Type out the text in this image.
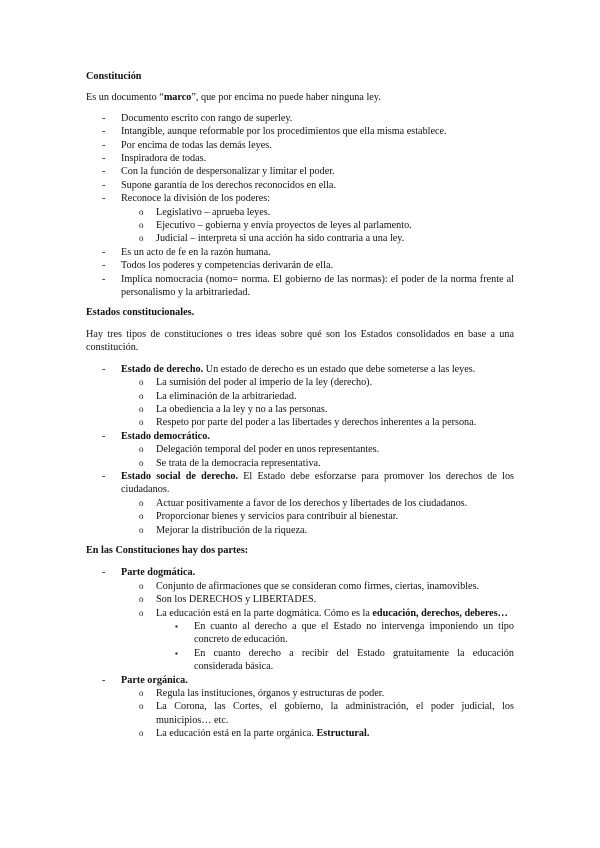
Constitución

Es un documento “marco”, que por encima no puede haber ninguna ley.

- Documento escrito con rango de superley.
- Intangible, aunque reformable por los procedimientos que ella misma establece.
- Por encima de todas las demás leyes.
- Inspiradora de todas.
- Con la función de despersonalizar y limitar el poder.
- Supone garantía de los derechos reconocidos en ella.
- Reconoce la división de los poderes:
o Legislativo – aprueba leyes.
o Ejecutivo – gobierna y envía proyectos de leyes al parlamento.
o Judicial – interpreta si una acción ha sido contraria a una ley.
- Es un acto de fe en la razón humana.
- Todos los poderes y competencias derivarán de ella.
- Implica nomocracia (nomo= norma. El gobierno de las normas): el poder de la norma frente al personalismo y la arbitrariedad.

Estados constitucionales.

Hay tres tipos de constituciones o tres ideas sobre qué son los Estados consolidados en base a una constitución.

- Estado de derecho. Un estado de derecho es un estado que debe someterse a las leyes.
o La sumisión del poder al imperio de la ley (derecho).
o La eliminación de la arbitrariedad.
o La obediencia a la ley y no a las personas.
o Respeto por parte del poder a las libertades y derechos inherentes a la persona.
- Estado democrático.
o Delegación temporal del poder en unos representantes.
o Se trata de la democracia representativa.
- Estado social de derecho. El Estado debe esforzarse para promover los derechos de los ciudadanos.
o Actuar positivamente a favor de los derechos y libertades de los ciudadanos.
o Proporcionar bienes y servicios para contribuir al bienestar.
o Mejorar la distribución de la riqueza.

En las Constituciones hay dos partes:

- Parte dogmática.
o Conjunto de afirmaciones que se consideran como firmes, ciertas, inamovibles.
o Son los DERECHOS y LIBERTADES.
o La educación está en la parte dogmática. Cómo es la educación, derechos, deberes…
▪ En cuanto al derecho a que el Estado no intervenga imponiendo un tipo concreto de educación.
▪ En cuanto derecho a recibir del Estado gratuitamente la educación considerada básica.
- Parte orgánica.
o Regula las instituciones, órganos y estructuras de poder.
o La Corona, las Cortes, el gobierno, la administración, el poder judicial, los municipios… etc.
o La educación está en la parte orgánica. Estructural.
